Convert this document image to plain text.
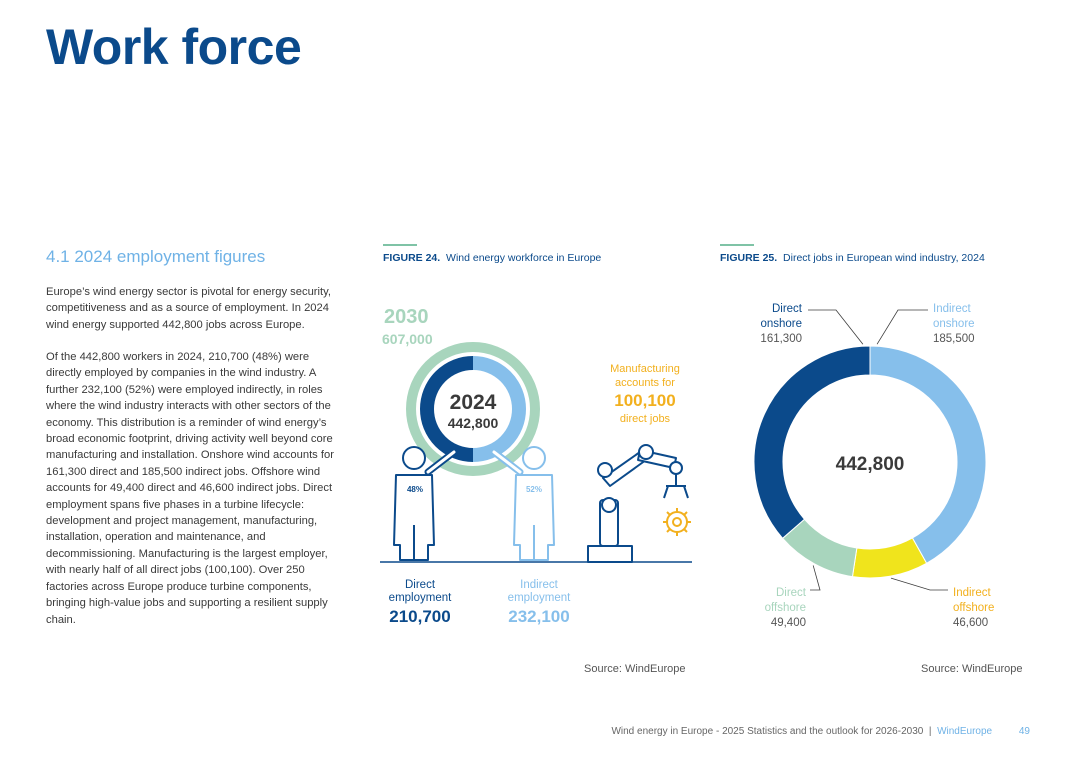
Work force
4.1 2024 employment figures

Europe’s wind energy sector is pivotal for energy security, competitiveness and as a source of employment. In 2024 wind energy supported 442,800 jobs across Europe.

Of the 442,800 workers in 2024, 210,700 (48%) were directly employed by companies in the wind industry. A further 232,100 (52%) were employed indirectly, in roles where the wind industry interacts with other sectors of the economy. This distribution is a reminder of wind energy’s broad economic footprint, driving activity well beyond core manufacturing and installation. Onshore wind accounts for 161,300 direct and 185,500 indirect jobs. Offshore wind accounts for 49,400 direct and 46,600 indirect jobs. Direct employment spans five phases in a turbine lifecycle: development and project management, manufacturing, installation, operation and maintenance, and decommissioning. Manufacturing is the largest employer, with nearly half of all direct jobs (100,100). Over 250 factories across Europe produce turbine components, bringing high-value jobs and supporting a resilient supply chain.

FIGURE 24. Wind energy workforce in Europe
2030
607,000
2024
442,800
48%	52%
Manufacturing
accounts for
100,100
direct jobs
Direct
employment
210,700
Indirect
employment
232,100
Source: WindEurope
FIGURE 25. Direct jobs in European wind industry, 2024
442,800
Direct
onshore
161,300
Indirect
onshore
185,500
Direct
offshore
49,400
Indirect
offshore
46,600
Source: WindEurope
Wind energy in Europe - 2025 Statistics and the outlook for 2026-2030 | WindEurope	49
